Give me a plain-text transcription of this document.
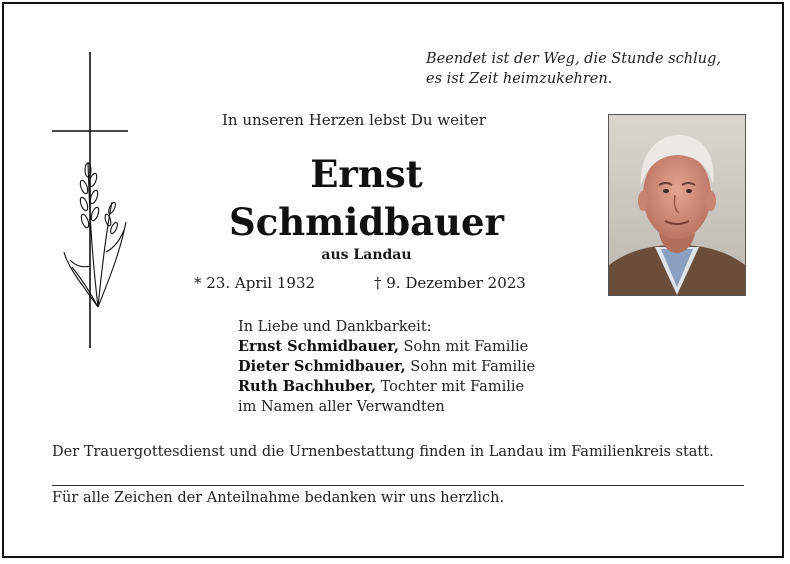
Beendet ist der Weg, die Stunde schlug,
es ist Zeit heimzukehren.
In unseren Herzen lebst Du weiter
Ernst
Schmidbauer
aus Landau
* 23. April 1932	† 9. Dezember 2023
In Liebe und Dankbarkeit:
Ernst Schmidbauer, Sohn mit Familie
Dieter Schmidbauer, Sohn mit Familie
Ruth Bachhuber, Tochter mit Familie
im Namen aller Verwandten
Der Trauergottesdienst und die Urnenbestattung finden in Landau im Familienkreis statt.
Für alle Zeichen der Anteilnahme bedanken wir uns herzlich.
